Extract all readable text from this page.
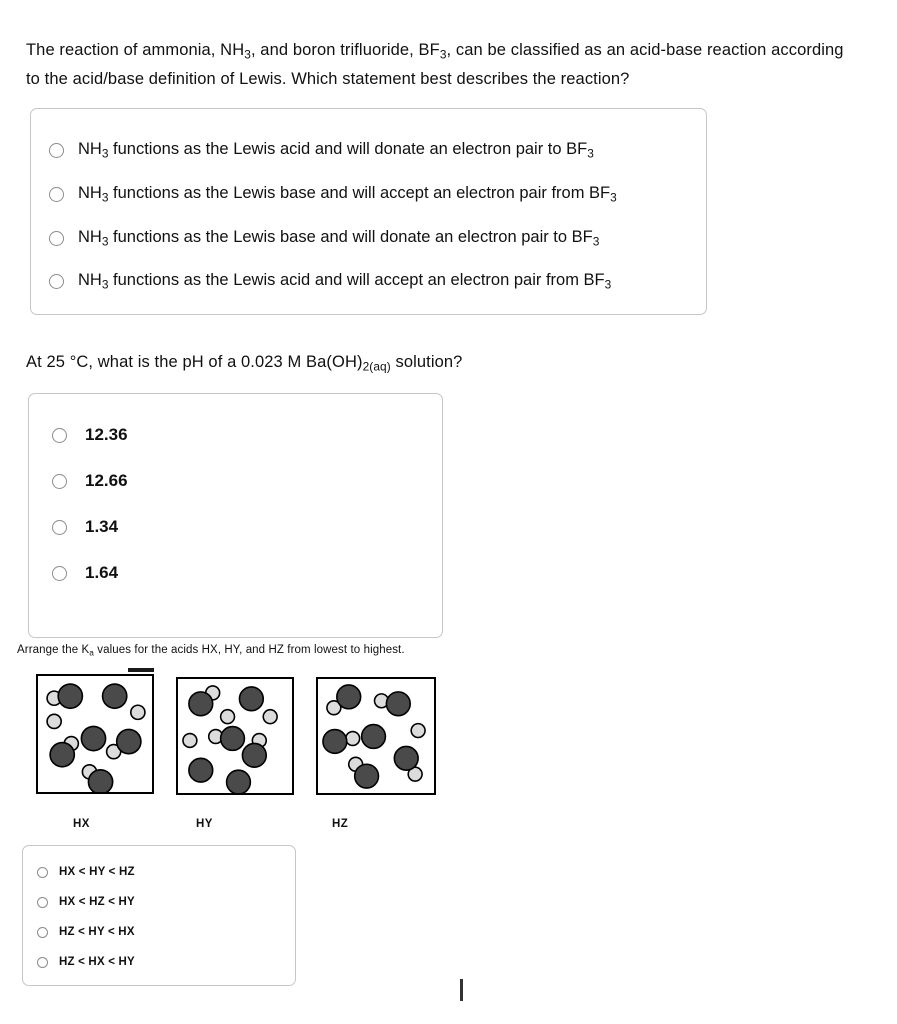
The reaction of ammonia, $NH_3$, and boron trifluoride, $BF_3$, can be classified as an acid-base reaction according to the acid/base definition of Lewis. Which statement best describes the reaction?
$NH_3$ functions as the Lewis acid and will donate an electron pair to $BF_3$
$NH_3$ functions as the Lewis base and will accept an electron pair from $BF_3$
$NH_3$ functions as the Lewis base and will donate an electron pair to $BF_3$
$NH_3$ functions as the Lewis acid and will accept an electron pair from $BF_3$
At 25 °C, what is the pH of a 0.023 M $Ba(OH)_{2(aq)}$ solution?
12.36
12.66
1.34
1.64
Arrange the $K_a$ values for the acids HX, HY, and HZ from lowest to highest.
HX	HY	HZ
HX < HY < HZ
HX < HZ < HY
HZ < HY < HX
HZ < HX < HY
